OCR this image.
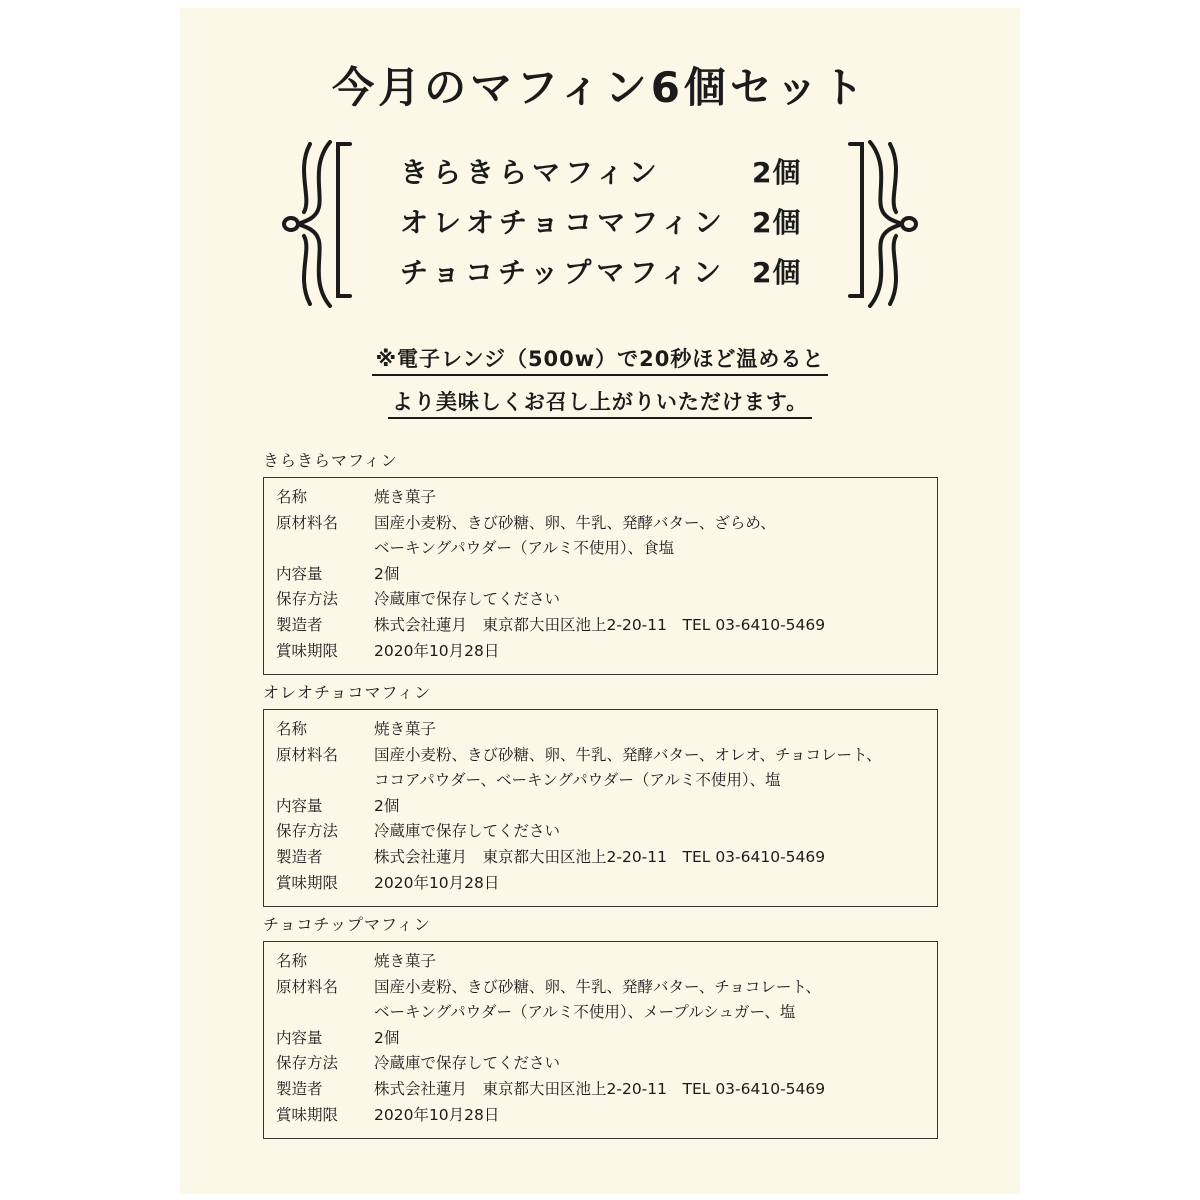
今月のマフィン6個セット
きらきらマフィン	2個
オレオチョコマフィン 2個
チョコチップマフィン 2個
※電子レンジ（500w）で20秒ほど温めると
より美味しくお召し上がりいただけます。
きらきらマフィン
名称	焼き菓子
原材料名	国産小麦粉、きび砂糖、卵、牛乳、発酵バター、ざらめ、
ベーキングパウダー（アルミ不使用）、食塩
内容量	2個
保存方法	冷蔵庫で保存してください
製造者	株式会社蓮月　東京都大田区池上2-20-11　TEL 03-6410-5469
賞味期限	2020年10月28日
オレオチョコマフィン
名称	焼き菓子
原材料名	国産小麦粉、きび砂糖、卵、牛乳、発酵バター、オレオ、チョコレート、
ココアパウダー、ベーキングパウダー（アルミ不使用）、塩
内容量	2個
保存方法	冷蔵庫で保存してください
製造者	株式会社蓮月　東京都大田区池上2-20-11　TEL 03-6410-5469
賞味期限	2020年10月28日
チョコチップマフィン
名称	焼き菓子
原材料名	国産小麦粉、きび砂糖、卵、牛乳、発酵バター、チョコレート、
ベーキングパウダー（アルミ不使用）、メープルシュガー、塩
内容量	2個
保存方法	冷蔵庫で保存してください
製造者	株式会社蓮月　東京都大田区池上2-20-11　TEL 03-6410-5469
賞味期限	2020年10月28日
